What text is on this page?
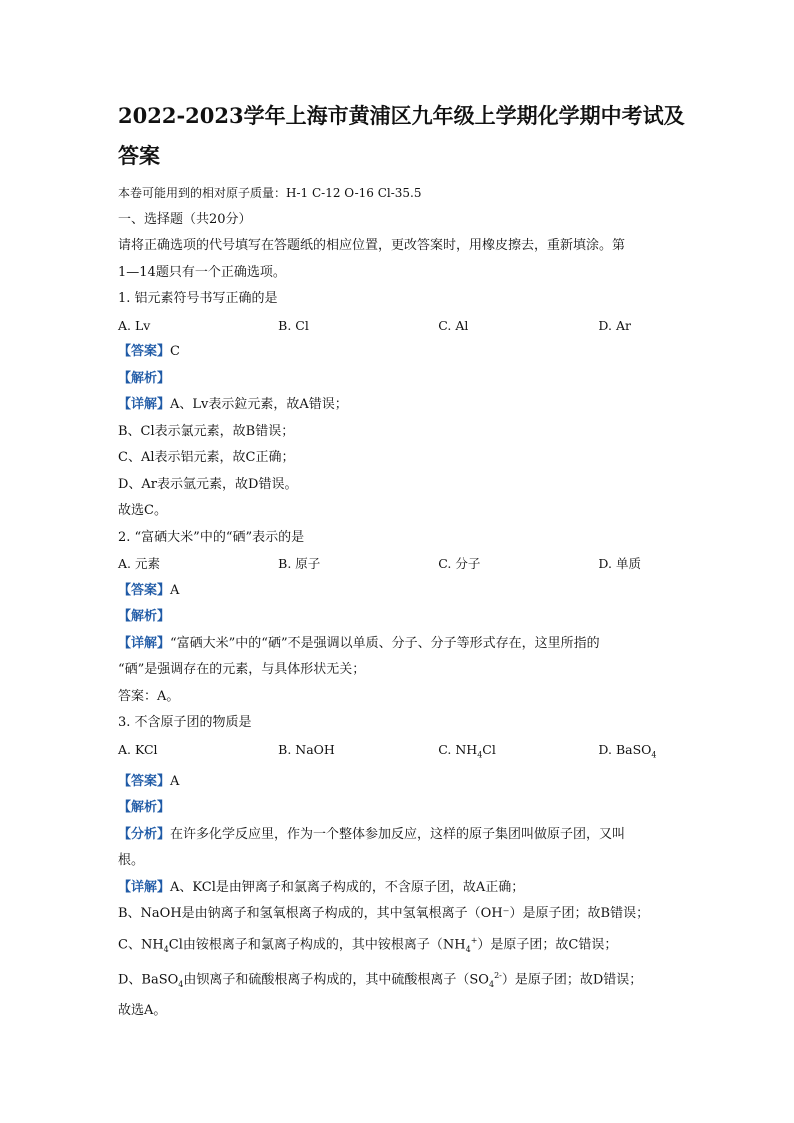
2022-2023学年上海市黄浦区九年级上学期化学期中考试及

答案

本卷可能用到的相对原子质量：H-1 C-12 O-16 Cl-35.5

一、选择题（共20分）

请将正确选项的代号填写在答题纸的相应位置，更改答案时，用橡皮擦去，重新填涂。第

1—14题只有一个正确选项。

1. 铝元素符号书写正确的是

A. Lv	B. Cl	C. Al	D. Ar

【答案】C

【解析】

【详解】A、Lv表示鉝元素，故A错误；

B、Cl表示氯元素，故B错误；

C、Al表示铝元素，故C正确；

D、Ar表示氩元素，故D错误。

故选C。

2. “富硒大米”中的“硒”表示的是

A. 元素	B. 原子	C. 分子	D. 单质

【答案】A

【解析】

【详解】“富硒大米”中的“硒”不是强调以单质、分子、分子等形式存在，这里所指的

“硒”是强调存在的元素，与具体形状无关；

答案：A。

3. 不含原子团的物质是

A. KCl	B. NaOH	C. $NH_4Cl$	D. BaSO$_4$

【答案】A

【解析】

【分析】在许多化学反应里，作为一个整体参加反应，这样的原子集团叫做原子团，又叫

根。

【详解】A、KCl是由钾离子和氯离子构成的，不含原子团，故A正确；

B、NaOH是由钠离子和氢氧根离子构成的，其中氢氧根离子（OH⁻）是原子团；故B错误；

C、$NH_4Cl$由铵根离子和氯离子构成的，其中铵根离子$(NH_4^+)$是原子团；故C错误；

D、BaSO$_4$由钡离子和硫酸根离子构成的，其中硫酸根离子$(SO_4^{2-})$是原子团；故D错误；

故选A。
